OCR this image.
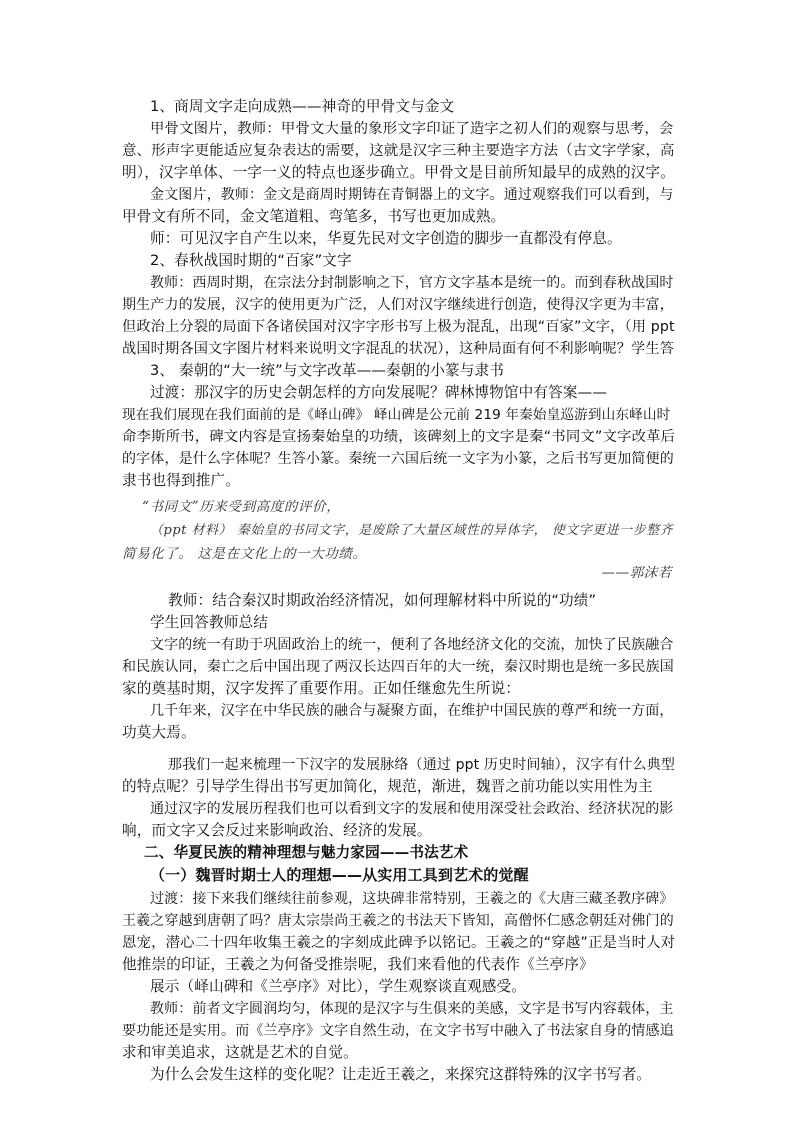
1、商周文字走向成熟——神奇的甲骨文与金文
甲骨文图片，教师：甲骨文大量的象形文字印证了造字之初人们的观察与思考，会
意、形声字更能适应复杂表达的需要，这就是汉字三种主要造字方法（古文字学家，高
明），汉字单体、一字一义的特点也逐步确立。甲骨文是目前所知最早的成熟的汉字。
金文图片，教师：金文是商周时期铸在青铜器上的文字。通过观察我们可以看到，与
甲骨文有所不同，金文笔道粗、弯笔多，书写也更加成熟。
师：可见汉字自产生以来，华夏先民对文字创造的脚步一直都没有停息。
2、春秋战国时期的“百家”文字
教师：西周时期，在宗法分封制影响之下，官方文字基本是统一的。而到春秋战国时
期生产力的发展，汉字的使用更为广泛，人们对汉字继续进行创造，使得汉字更为丰富，
但政治上分裂的局面下各诸侯国对汉字字形书写上极为混乱，出现“百家”文字，（用 ppt
战国时期各国文字图片材料来说明文字混乱的状况），这种局面有何不利影响呢？学生答
3、 秦朝的“大一统”与文字改革——秦朝的小篆与隶书
过渡：那汉字的历史会朝怎样的方向发展呢？碑林博物馆中有答案——
现在我们展现在我们面前的是《峄山碑》 峄山碑是公元前 219 年秦始皇巡游到山东峄山时
命李斯所书，碑文内容是宣扬秦始皇的功绩，该碑刻上的文字是秦“书同文”文字改革后
的字体，是什么字体呢？生答小篆。秦统一六国后统一文字为小篆，之后书写更加简便的
隶书也得到推广。
“书同文”历来受到高度的评价，
（ppt 材料） 秦始皇的书同文字，是废除了大量区域性的异体字， 使文字更进一步整齐
简易化了。 这是在文化上的一大功绩。
——郭沫若
教师：结合秦汉时期政治经济情况，如何理解材料中所说的“功绩”
学生回答教师总结
文字的统一有助于巩固政治上的统一，便利了各地经济文化的交流，加快了民族融合
和民族认同，秦亡之后中国出现了两汉长达四百年的大一统，秦汉时期也是统一多民族国
家的奠基时期，汉字发挥了重要作用。正如任继愈先生所说：
几千年来，汉字在中华民族的融合与凝聚方面，在维护中国民族的尊严和统一方面，
功莫大焉。
那我们一起来梳理一下汉字的发展脉络（通过 ppt 历史时间轴），汉字有什么典型
的特点呢？引导学生得出书写更加简化，规范，渐进，魏晋之前功能以实用性为主
通过汉字的发展历程我们也可以看到文字的发展和使用深受社会政治、经济状况的影
响，而文字又会反过来影响政治、经济的发展。
二、华夏民族的精神理想与魅力家园——书法艺术
（一）魏晋时期士人的理想——从实用工具到艺术的觉醒
过渡：接下来我们继续往前参观，这块碑非常特别，王羲之的《大唐三藏圣教序碑》
王羲之穿越到唐朝了吗？唐太宗崇尚王羲之的书法天下皆知，高僧怀仁感念朝廷对佛门的
恩宠，潜心二十四年收集王羲之的字刻成此碑予以铭记。王羲之的“穿越”正是当时人对
他推崇的印证，王羲之为何备受推崇呢，我们来看他的代表作《兰亭序》
展示（峄山碑和《兰亭序》对比），学生观察谈直观感受。
教师：前者文字圆润均匀，体现的是汉字与生俱来的美感，文字是书写内容载体，主
要功能还是实用。而《兰亭序》文字自然生动，在文字书写中融入了书法家自身的情感追
求和审美追求，这就是艺术的自觉。
为什么会发生这样的变化呢？让走近王羲之，来探究这群特殊的汉字书写者。
